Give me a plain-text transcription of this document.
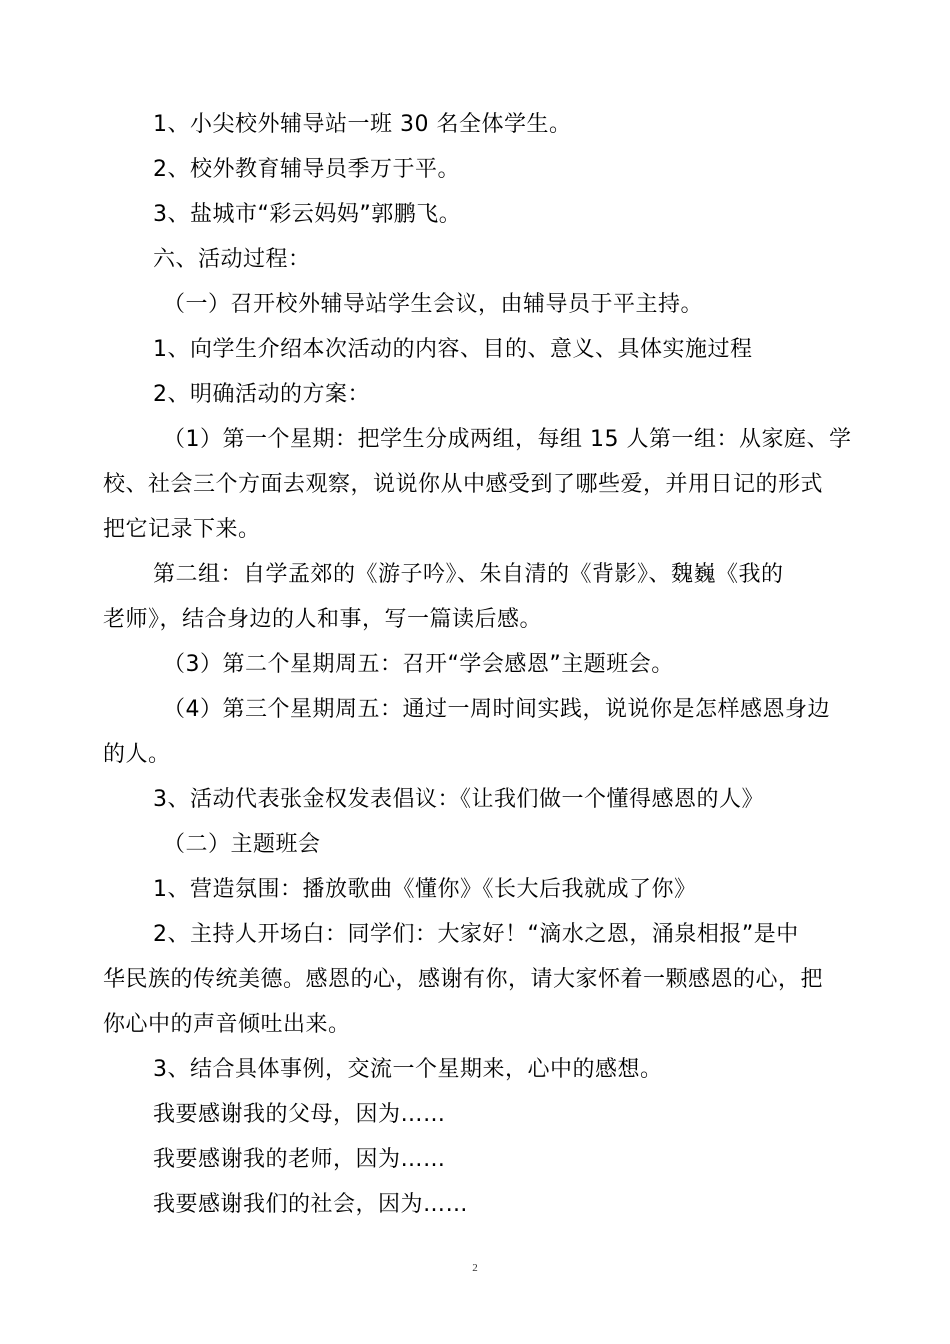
1、小尖校外辅导站一班 30 名全体学生。
2、校外教育辅导员季万于平。
3、盐城市“彩云妈妈”郭鹏飞。
六、活动过程：
（一）召开校外辅导站学生会议，由辅导员于平主持。
1、向学生介绍本次活动的内容、目的、意义、具体实施过程
2、明确活动的方案：
（1）第一个星期：把学生分成两组，每组 15 人第一组：从家庭、学
校、社会三个方面去观察，说说你从中感受到了哪些爱，并用日记的形式
把它记录下来。
第二组：自学孟郊的《游子吟》、朱自清的《背影》、魏巍《我的
老师》，结合身边的人和事，写一篇读后感。
（3）第二个星期周五：召开“学会感恩”主题班会。
（4）第三个星期周五：通过一周时间实践，说说你是怎样感恩身边
的人。
3、活动代表张金权发表倡议：《让我们做一个懂得感恩的人》
（二）主题班会
1、营造氛围：播放歌曲《懂你》《长大后我就成了你》
2、主持人开场白：同学们：大家好！“滴水之恩，涌泉相报”是中
华民族的传统美德。感恩的心，感谢有你，请大家怀着一颗感恩的心，把
你心中的声音倾吐出来。
3、结合具体事例，交流一个星期来，心中的感想。
我要感谢我的父母，因为……
我要感谢我的老师，因为……
我要感谢我们的社会，因为……
2
